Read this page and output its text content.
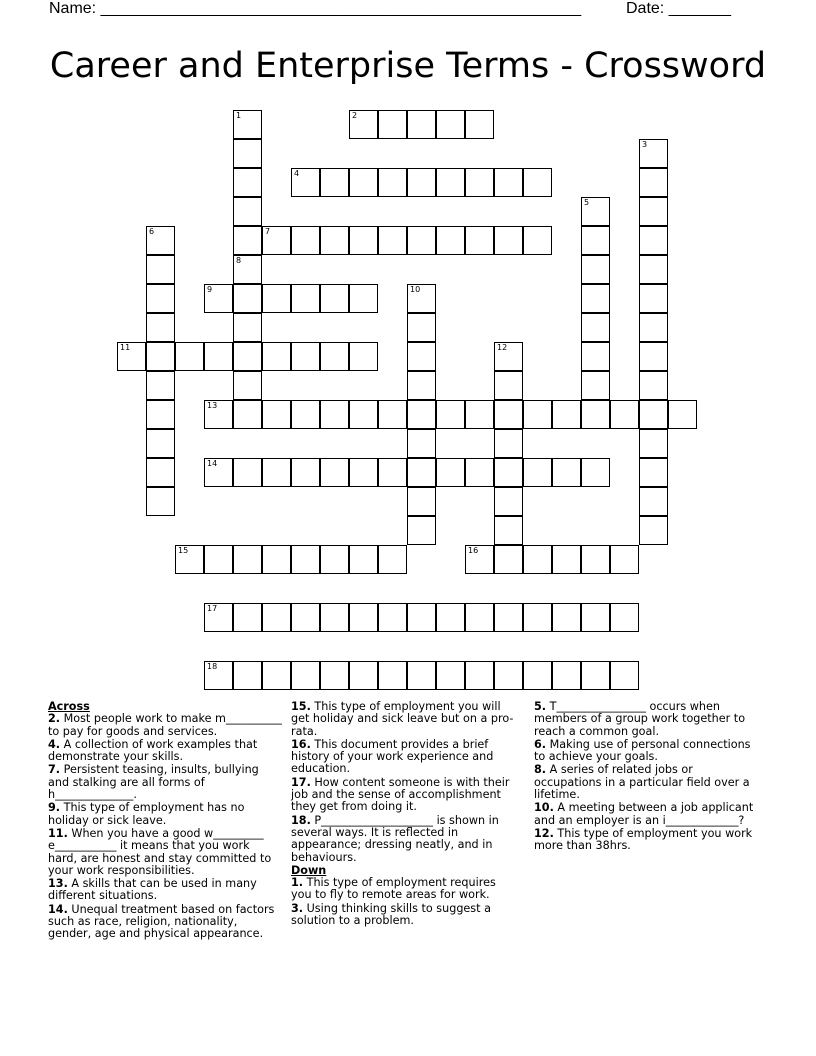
Name: ______________________________________________________	Date: _______
Career and Enterprise Terms - Crossword
1	2
3
4
5
6	7
8
9	10
11	12
13
14
15	16
17
18
Across
2. Most people work to make m__________ to pay for goods and services.
4. A collection of work examples that demonstrate your skills.
7. Persistent teasing, insults, bullying and stalking are all forms of h______________.
9. This type of employment has no holiday or sick leave.
11. When you have a good w_________ e___________ it means that you work hard, are honest and stay committed to your work responsibilities.
13. A skills that can be used in many different situations.
14. Unequal treatment based on factors such as race, religion, nationality, gender, age and physical appearance.
15. This type of employment you will get holiday and sick leave but on a pro-rata.
16. This document provides a brief history of your work experience and education.
17. How content someone is with their job and the sense of accomplishment they get from doing it.
18. P____________________ is shown in several ways. It is reflected in appearance; dressing neatly, and in behaviours.
Down
1. This type of employment requires you to fly to remote areas for work.
3. Using thinking skills to suggest a solution to a problem.
5. T________________ occurs when members of a group work together to reach a common goal.
6. Making use of personal connections to achieve your goals.
8. A series of related jobs or occupations in a particular field over a lifetime.
10. A meeting between a job applicant and an employer is an i_____________?
12. This type of employment you work more than 38hrs.
